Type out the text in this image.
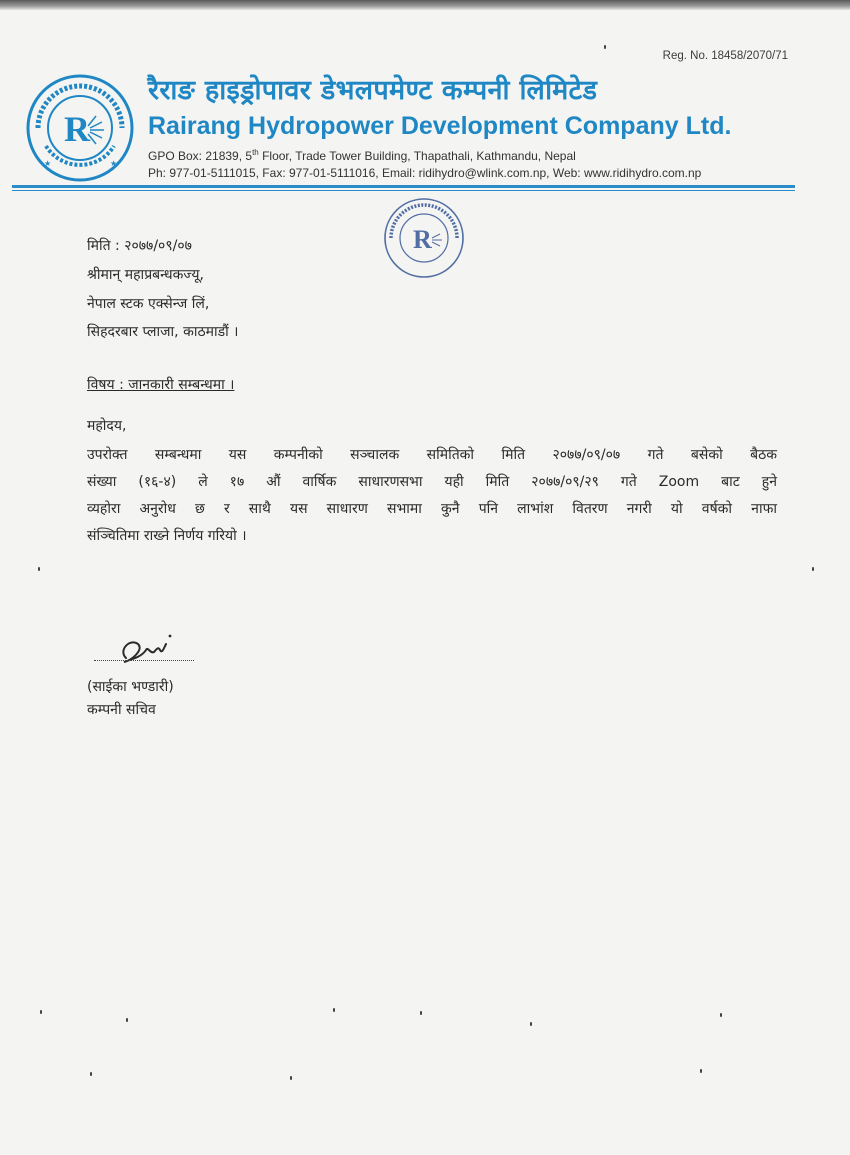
Reg. No. 18458/2070/71
R
★	★
रैराङ हाइड्रोपावर डेभलपमेण्ट कम्पनी लिमिटेड
Rairang Hydropower Development Company Ltd.
GPO Box: 21839, 5th Floor, Trade Tower Building, Thapathali, Kathmandu, Nepal
Ph: 977-01-5111015, Fax: 977-01-5111016, Email: ridihydro@wlink.com.np, Web: www.ridihydro.com.np
R
मिति : २०७७/०९/०७
श्रीमान् महाप्रबन्धकज्यू,
नेपाल स्टक एक्सेन्ज लिं,
सिहदरबार प्लाजा, काठमाडौं ।
विषय : जानकारी सम्बन्धमा ।
महोदय,
उपरोक्त सम्बन्धमा यस कम्पनीको सञ्चालक समितिको मिति २०७७/०९/०७ गते बसेको बैठक
संख्या (१६-४) ले १७ औं वार्षिक साधारणसभा यही मिति २०७७/०९/२९ गते Zoom बाट हुने
व्यहोरा अनुरोध छ र साथै यस साधारण सभामा कुनै पनि लाभांश वितरण नगरी यो वर्षको नाफा
संञ्चितिमा राख्ने निर्णय गरियो ।
(साईका भण्डारी)
कम्पनी सचिव
